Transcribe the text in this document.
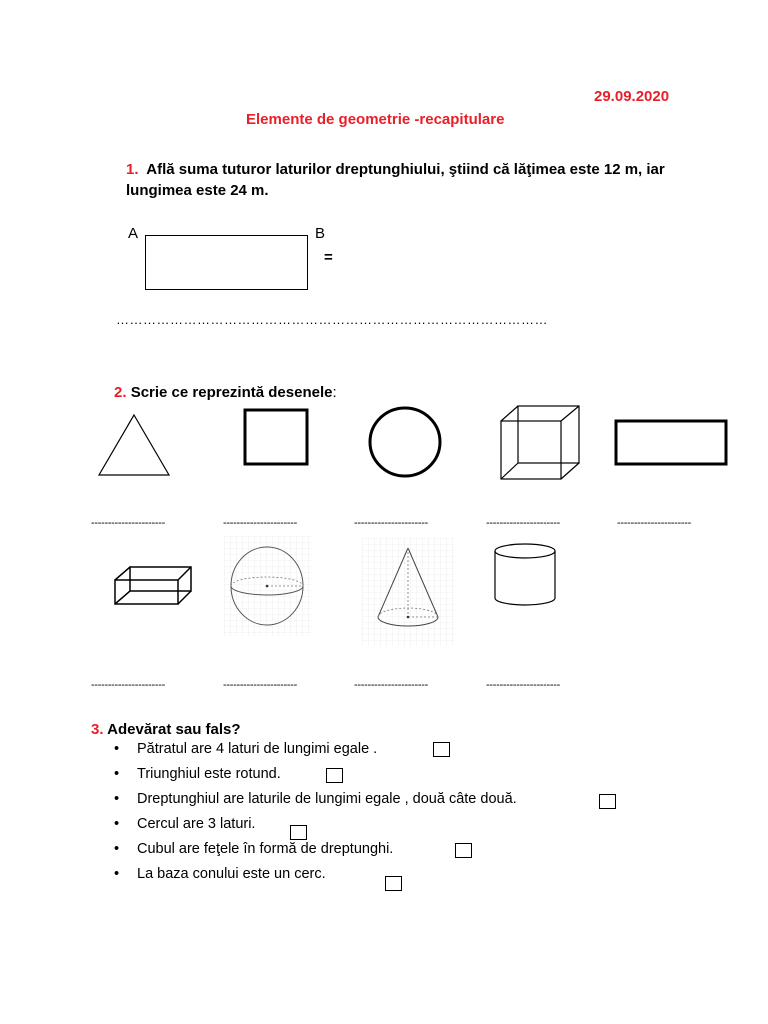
29.09.2020
Elemente de geometrie -recapitulare
1. Află suma tuturor laturilor dreptunghiului, ştiind că lăţimea este 12 m, iar lungimea este 24 m.
A	B
=
……………………………………………………………………………………
2. Scrie ce reprezintă desenele:
----------------------	----------------------	----------------------	----------------------	----------------------
----------------------	----------------------	----------------------	----------------------
3. Adevărat sau fals?
• Pătratul are 4 laturi de lungimi egale .
• Triunghiul este rotund.
• Dreptunghiul are laturile de lungimi egale , două câte două.
• Cercul are 3 laturi.
• Cubul are feţele în formă de dreptunghi.
• La baza conului este un cerc.
